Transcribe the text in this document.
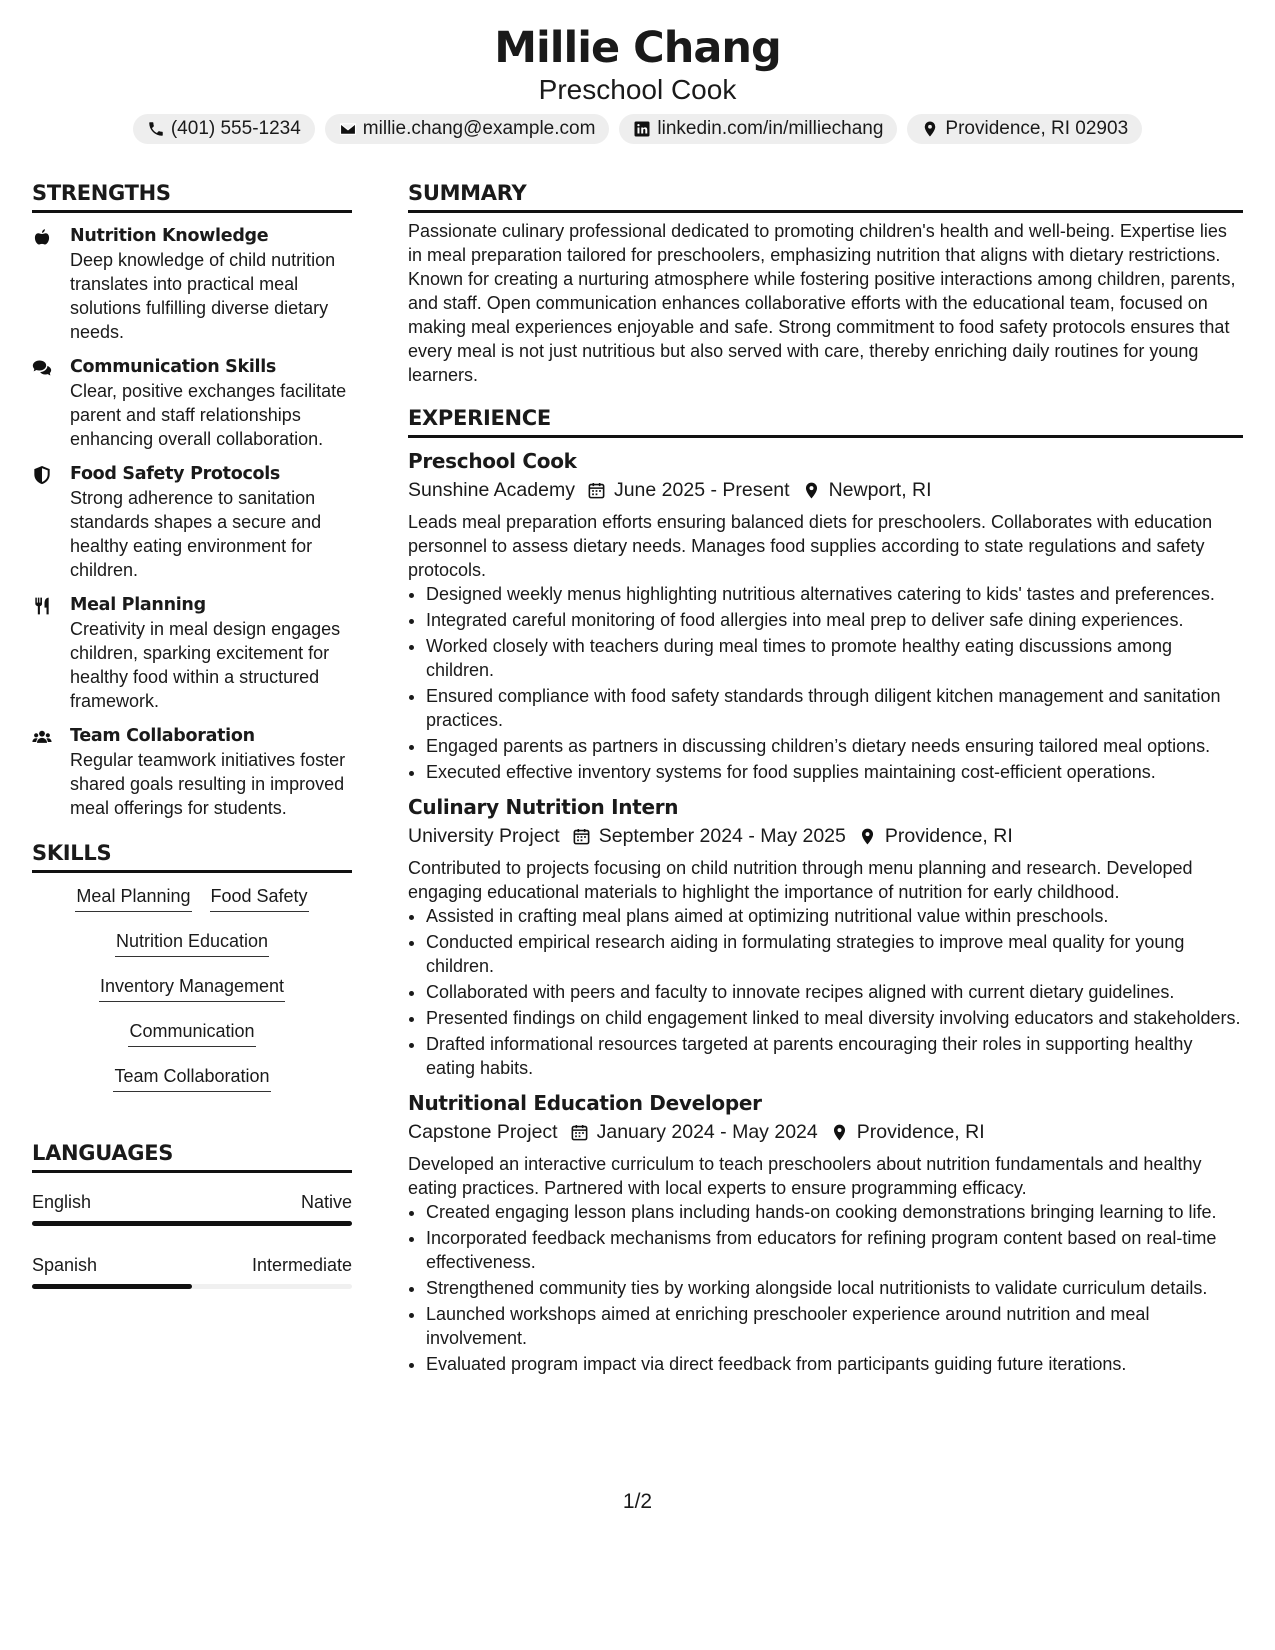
Millie Chang
Preschool Cook
(401) 555-1234	millie.chang@example.com	linkedin.com/in/milliechang	Providence, RI 02903
STRENGTHS
Nutrition Knowledge
Deep knowledge of child nutrition translates into practical meal solutions fulfilling diverse dietary needs.
Communication Skills
Clear, positive exchanges facilitate parent and staff relationships enhancing overall collaboration.
Food Safety Protocols
Strong adherence to sanitation standards shapes a secure and healthy eating environment for children.
Meal Planning
Creativity in meal design engages children, sparking excitement for healthy food within a structured framework.
Team Collaboration
Regular teamwork initiatives foster shared goals resulting in improved meal offerings for students.
SKILLS
Meal Planning Food Safety
Nutrition Education
Inventory Management
Communication
Team Collaboration
LANGUAGES
English	Native
Spanish	Intermediate
SUMMARY

Passionate culinary professional dedicated to promoting children's health and well-being. Expertise lies in meal preparation tailored for preschoolers, emphasizing nutrition that aligns with dietary restrictions. Known for creating a nurturing atmosphere while fostering positive interactions among children, parents, and staff. Open communication enhances collaborative efforts with the educational team, focused on making meal experiences enjoyable and safe. Strong commitment to food safety protocols ensures that every meal is not just nutritious but also served with care, thereby enriching daily routines for young learners.

EXPERIENCE
Preschool Cook
Sunshine Academy June 2025 - Present Newport, RI

Leads meal preparation efforts ensuring balanced diets for preschoolers. Collaborates with education personnel to assess dietary needs. Manages food supplies according to state regulations and safety protocols.

• Designed weekly menus highlighting nutritious alternatives catering to kids' tastes and preferences.
• Integrated careful monitoring of food allergies into meal prep to deliver safe dining experiences.
• Worked closely with teachers during meal times to promote healthy eating discussions among children.
• Ensured compliance with food safety standards through diligent kitchen management and sanitation practices.
• Engaged parents as partners in discussing children’s dietary needs ensuring tailored meal options.
• Executed effective inventory systems for food supplies maintaining cost-efficient operations.
Culinary Nutrition Intern
University Project September 2024 - May 2025 Providence, RI

Contributed to projects focusing on child nutrition through menu planning and research. Developed engaging educational materials to highlight the importance of nutrition for early childhood.

• Assisted in crafting meal plans aimed at optimizing nutritional value within preschools.
• Conducted empirical research aiding in formulating strategies to improve meal quality for young children.
• Collaborated with peers and faculty to innovate recipes aligned with current dietary guidelines.
• Presented findings on child engagement linked to meal diversity involving educators and stakeholders.
• Drafted informational resources targeted at parents encouraging their roles in supporting healthy eating habits.
Nutritional Education Developer
Capstone Project January 2024 - May 2024 Providence, RI

Developed an interactive curriculum to teach preschoolers about nutrition fundamentals and healthy eating practices. Partnered with local experts to ensure programming efficacy.

• Created engaging lesson plans including hands-on cooking demonstrations bringing learning to life.
• Incorporated feedback mechanisms from educators for refining program content based on real-time effectiveness.
• Strengthened community ties by working alongside local nutritionists to validate curriculum details.
• Launched workshops aimed at enriching preschooler experience around nutrition and meal involvement.
• Evaluated program impact via direct feedback from participants guiding future iterations.
1/2
